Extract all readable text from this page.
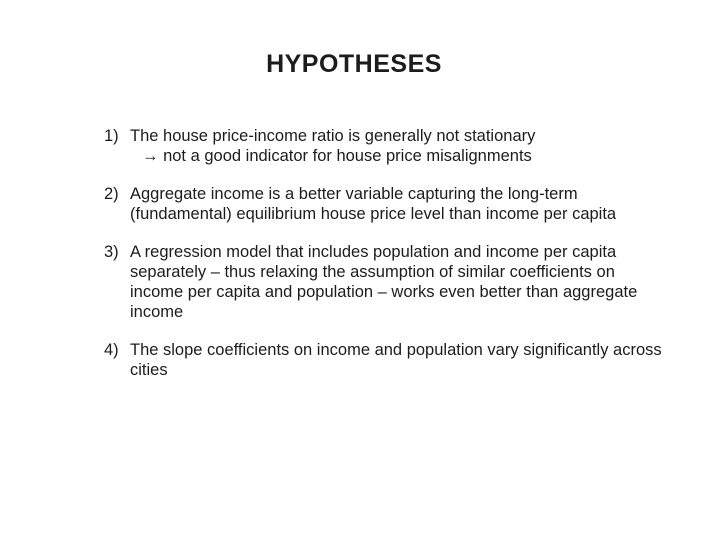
HYPOTHESES
1) The house price-income ratio is generally not stationary
→ not a good indicator for house price misalignments
2) Aggregate income is a better variable capturing the long-term (fundamental) equilibrium house price level than income per capita
3) A regression model that includes population and income per capita separately – thus relaxing the assumption of similar coefficients on income per capita and population – works even better than aggregate income
4) The slope coefficients on income and population vary significantly across cities
